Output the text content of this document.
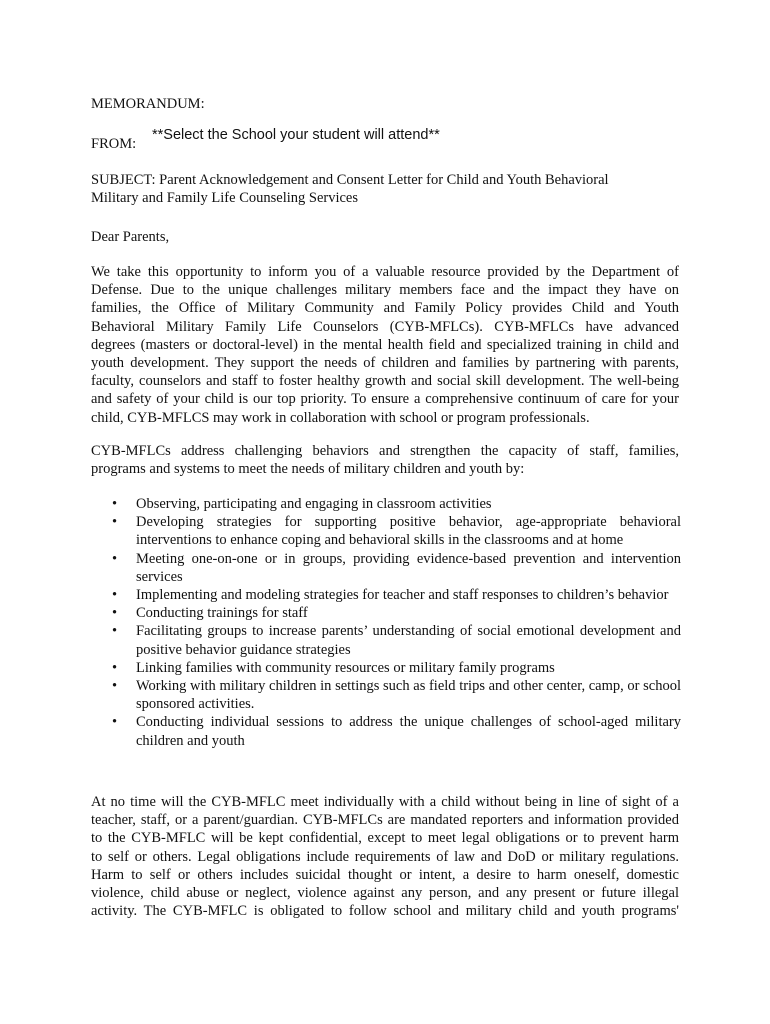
MEMORANDUM:
FROM:
**Select the School your student will attend**
SUBJECT: Parent Acknowledgement and Consent Letter for Child and Youth Behavioral
Military and Family Life Counseling Services
Dear Parents,
We take this opportunity to inform you of a valuable resource provided by the Department of
Defense. Due to the unique challenges military members face and the impact they have on
families, the Office of Military Community and Family Policy provides Child and Youth
Behavioral Military Family Life Counselors (CYB-MFLCs). CYB-MFLCs have advanced
degrees (masters or doctoral-level) in the mental health field and specialized training in child and
youth development. They support the needs of children and families by partnering with parents,
faculty, counselors and staff to foster healthy growth and social skill development. The well-being
and safety of your child is our top priority. To ensure a comprehensive continuum of care for your
child, CYB-MFLCS may work in collaboration with school or program professionals.
CYB-MFLCs address challenging behaviors and strengthen the capacity of staff, families,
programs and systems to meet the needs of military children and youth by:
• Observing, participating and engaging in classroom activities
• Developing strategies for supporting positive behavior, age-appropriate behavioral interventions to enhance coping and behavioral skills in the classrooms and at home
• Meeting one-on-one or in groups, providing evidence-based prevention and intervention services
• Implementing and modeling strategies for teacher and staff responses to children’s behavior
• Conducting trainings for staff
• Facilitating groups to increase parents’ understanding of social emotional development and positive behavior guidance strategies
• Linking families with community resources or military family programs
• Working with military children in settings such as field trips and other center, camp, or school sponsored activities.
• Conducting individual sessions to address the unique challenges of school-aged military children and youth
At no time will the CYB-MFLC meet individually with a child without being in line of sight of a
teacher, staff, or a parent/guardian. CYB-MFLCs are mandated reporters and information provided
to the CYB-MFLC will be kept confidential, except to meet legal obligations or to prevent harm
to self or others. Legal obligations include requirements of law and DoD or military regulations.
Harm to self or others includes suicidal thought or intent, a desire to harm oneself, domestic
violence, child abuse or neglect, violence against any person, and any present or future illegal
activity. The CYB-MFLC is obligated to follow school and military child and youth programs'
